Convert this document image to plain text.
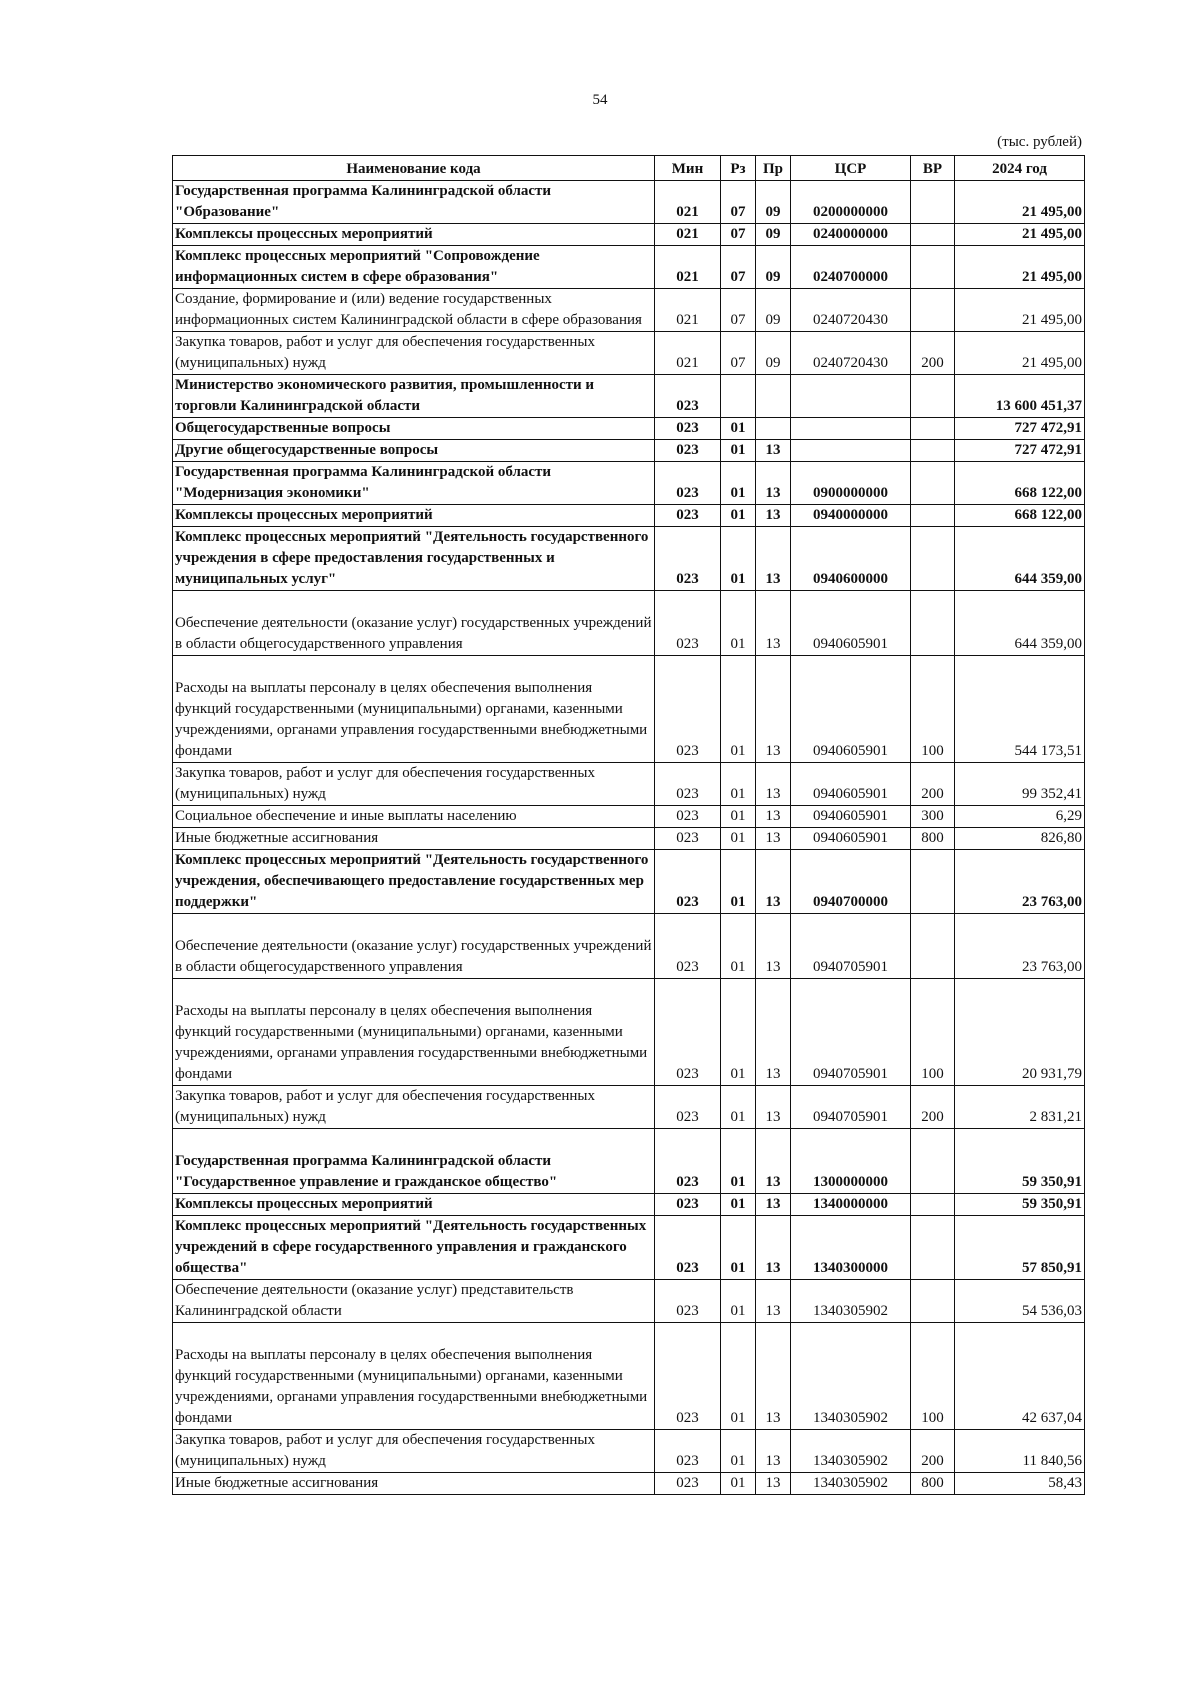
54
(тыс. рублей)
Наименование кода	Мин	Рз	Пр	ЦСР	ВР	2024 год
Государственная программа Калининградской области "Образование"	021	07	09	0200000000		21 495,00
Комплексы процессных мероприятий	021	07	09	0240000000		21 495,00
Комплекс процессных мероприятий "Сопровождение информационных систем в сфере образования"	021	07	09	0240700000		21 495,00
Создание, формирование и (или) ведение государственных информационных систем Калининградской области в сфере образования	021	07	09	0240720430		21 495,00
Закупка товаров, работ и услуг для обеспечения государственных (муниципальных) нужд	021	07	09	0240720430	200	21 495,00
Министерство экономического развития, промышленности и торговли Калининградской области	023					13 600 451,37
Общегосударственные вопросы	023	01				727 472,91
Другие общегосударственные вопросы	023	01	13			727 472,91
Государственная программа Калининградской области "Модернизация экономики"	023	01	13	0900000000		668 122,00
Комплексы процессных мероприятий	023	01	13	0940000000		668 122,00
Комплекс процессных мероприятий "Деятельность государственного учреждения в сфере предоставления государственных и муниципальных услуг"	023	01	13	0940600000		644 359,00
Обеспечение деятельности (оказание услуг) государственных учреждений в области общегосударственного управления	023	01	13	0940605901		644 359,00
Расходы на выплаты персоналу в целях обеспечения выполнения функций государственными (муниципальными) органами, казенными учреждениями, органами управления государственными внебюджетными фондами	023	01	13	0940605901	100	544 173,51
Закупка товаров, работ и услуг для обеспечения государственных (муниципальных) нужд	023	01	13	0940605901	200	99 352,41
Социальное обеспечение и иные выплаты населению	023	01	13	0940605901	300	6,29
Иные бюджетные ассигнования	023	01	13	0940605901	800	826,80
Комплекс процессных мероприятий "Деятельность государственного учреждения, обеспечивающего предоставление государственных мер поддержки"	023	01	13	0940700000		23 763,00
Обеспечение деятельности (оказание услуг) государственных учреждений в области общегосударственного управления	023	01	13	0940705901		23 763,00
Расходы на выплаты персоналу в целях обеспечения выполнения функций государственными (муниципальными) органами, казенными учреждениями, органами управления государственными внебюджетными фондами	023	01	13	0940705901	100	20 931,79
Закупка товаров, работ и услуг для обеспечения государственных (муниципальных) нужд	023	01	13	0940705901	200	2 831,21
Государственная программа Калининградской области "Государственное управление и гражданское общество"	023	01	13	1300000000		59 350,91
Комплексы процессных мероприятий	023	01	13	1340000000		59 350,91
Комплекс процессных мероприятий "Деятельность государственных учреждений в сфере государственного управления и гражданского общества"	023	01	13	1340300000		57 850,91
Обеспечение деятельности (оказание услуг) представительств Калининградской области	023	01	13	1340305902		54 536,03
Расходы на выплаты персоналу в целях обеспечения выполнения функций государственными (муниципальными) органами, казенными учреждениями, органами управления государственными внебюджетными фондами	023	01	13	1340305902	100	42 637,04
Закупка товаров, работ и услуг для обеспечения государственных (муниципальных) нужд	023	01	13	1340305902	200	11 840,56
Иные бюджетные ассигнования	023	01	13	1340305902	800	58,43
